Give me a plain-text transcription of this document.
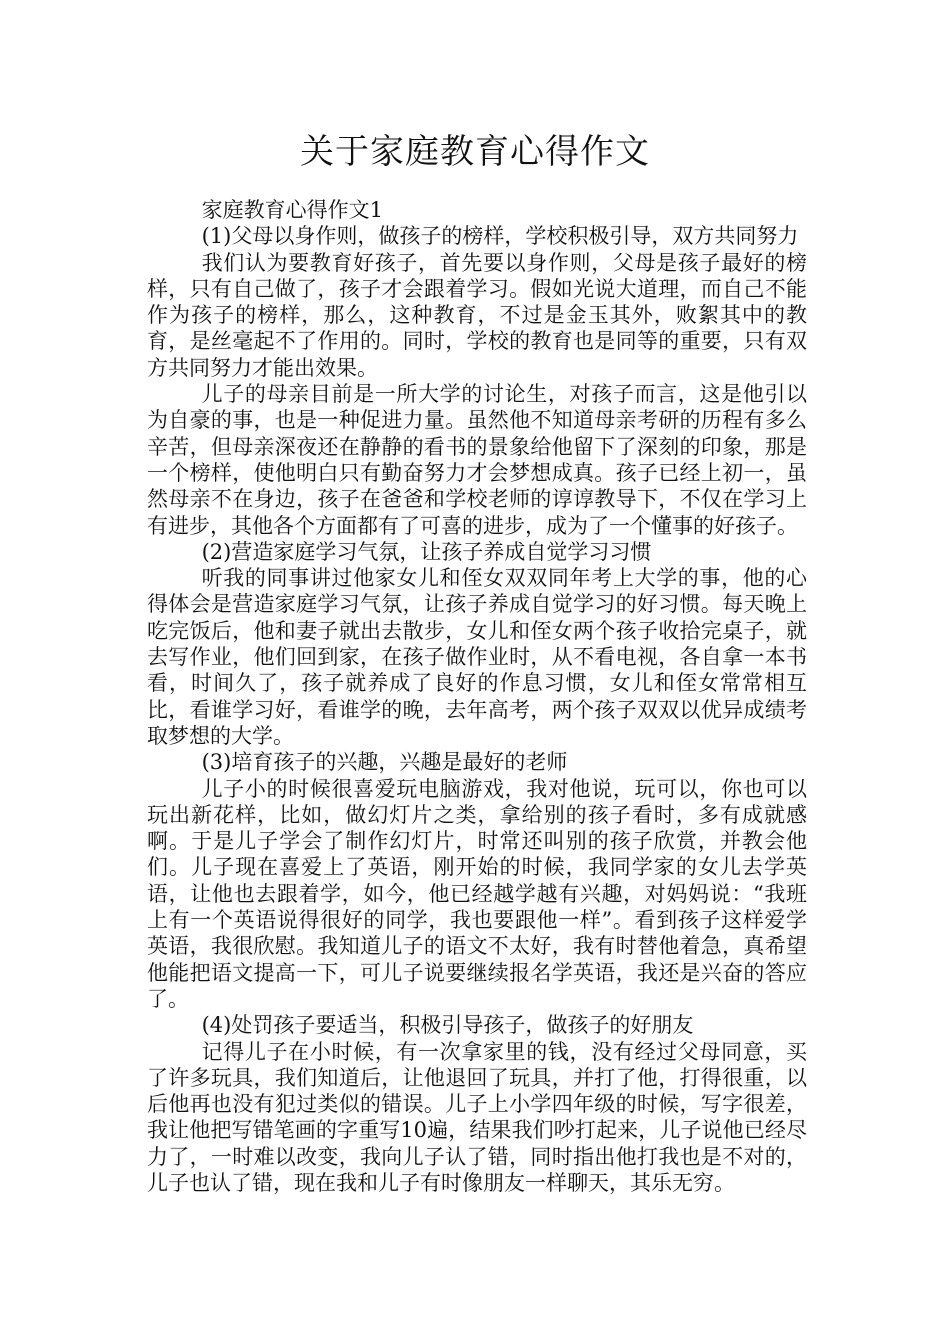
关于家庭教育心得作文

家庭教育心得作文1

(1)父母以身作则，做孩子的榜样，学校积极引导，双方共同努力

我们认为要教育好孩子，首先要以身作则，父母是孩子最好的榜样，只有自己做了，孩子才会跟着学习。假如光说大道理，而自己不能作为孩子的榜样，那么，这种教育，不过是金玉其外，败絮其中的教育，是丝毫起不了作用的。同时，学校的教育也是同等的重要，只有双方共同努力才能出效果。

儿子的母亲目前是一所大学的讨论生，对孩子而言，这是他引以为自豪的事，也是一种促进力量。虽然他不知道母亲考研的历程有多么辛苦，但母亲深夜还在静静的看书的景象给他留下了深刻的印象，那是一个榜样，使他明白只有勤奋努力才会梦想成真。孩子已经上初一，虽然母亲不在身边，孩子在爸爸和学校老师的谆谆教导下，不仅在学习上有进步，其他各个方面都有了可喜的进步，成为了一个懂事的好孩子。

(2)营造家庭学习气氛，让孩子养成自觉学习习惯

听我的同事讲过他家女儿和侄女双双同年考上大学的事，他的心得体会是营造家庭学习气氛，让孩子养成自觉学习的好习惯。每天晚上吃完饭后，他和妻子就出去散步，女儿和侄女两个孩子收拾完桌子，就去写作业，他们回到家，在孩子做作业时，从不看电视，各自拿一本书看，时间久了，孩子就养成了良好的作息习惯，女儿和侄女常常相互比，看谁学习好，看谁学的晚，去年高考，两个孩子双双以优异成绩考取梦想的大学。

(3)培育孩子的兴趣，兴趣是最好的老师

儿子小的时候很喜爱玩电脑游戏，我对他说，玩可以，你也可以玩出新花样，比如，做幻灯片之类，拿给别的孩子看时，多有成就感啊。于是儿子学会了制作幻灯片，时常还叫别的孩子欣赏，并教会他们。儿子现在喜爱上了英语，刚开始的时候，我同学家的女儿去学英语，让他也去跟着学，如今，他已经越学越有兴趣，对妈妈说：“我班上有一个英语说得很好的同学，我也要跟他一样”。看到孩子这样爱学英语，我很欣慰。我知道儿子的语文不太好，我有时替他着急，真希望他能把语文提高一下，可儿子说要继续报名学英语，我还是兴奋的答应了。

(4)处罚孩子要适当，积极引导孩子，做孩子的好朋友

记得儿子在小时候，有一次拿家里的钱，没有经过父母同意，买了许多玩具，我们知道后，让他退回了玩具，并打了他，打得很重，以后他再也没有犯过类似的错误。儿子上小学四年级的时候，写字很差，我让他把写错笔画的字重写10遍，结果我们吵打起来，儿子说他已经尽力了，一时难以改变，我向儿子认了错，同时指出他打我也是不对的，儿子也认了错，现在我和儿子有时像朋友一样聊天，其乐无穷。
